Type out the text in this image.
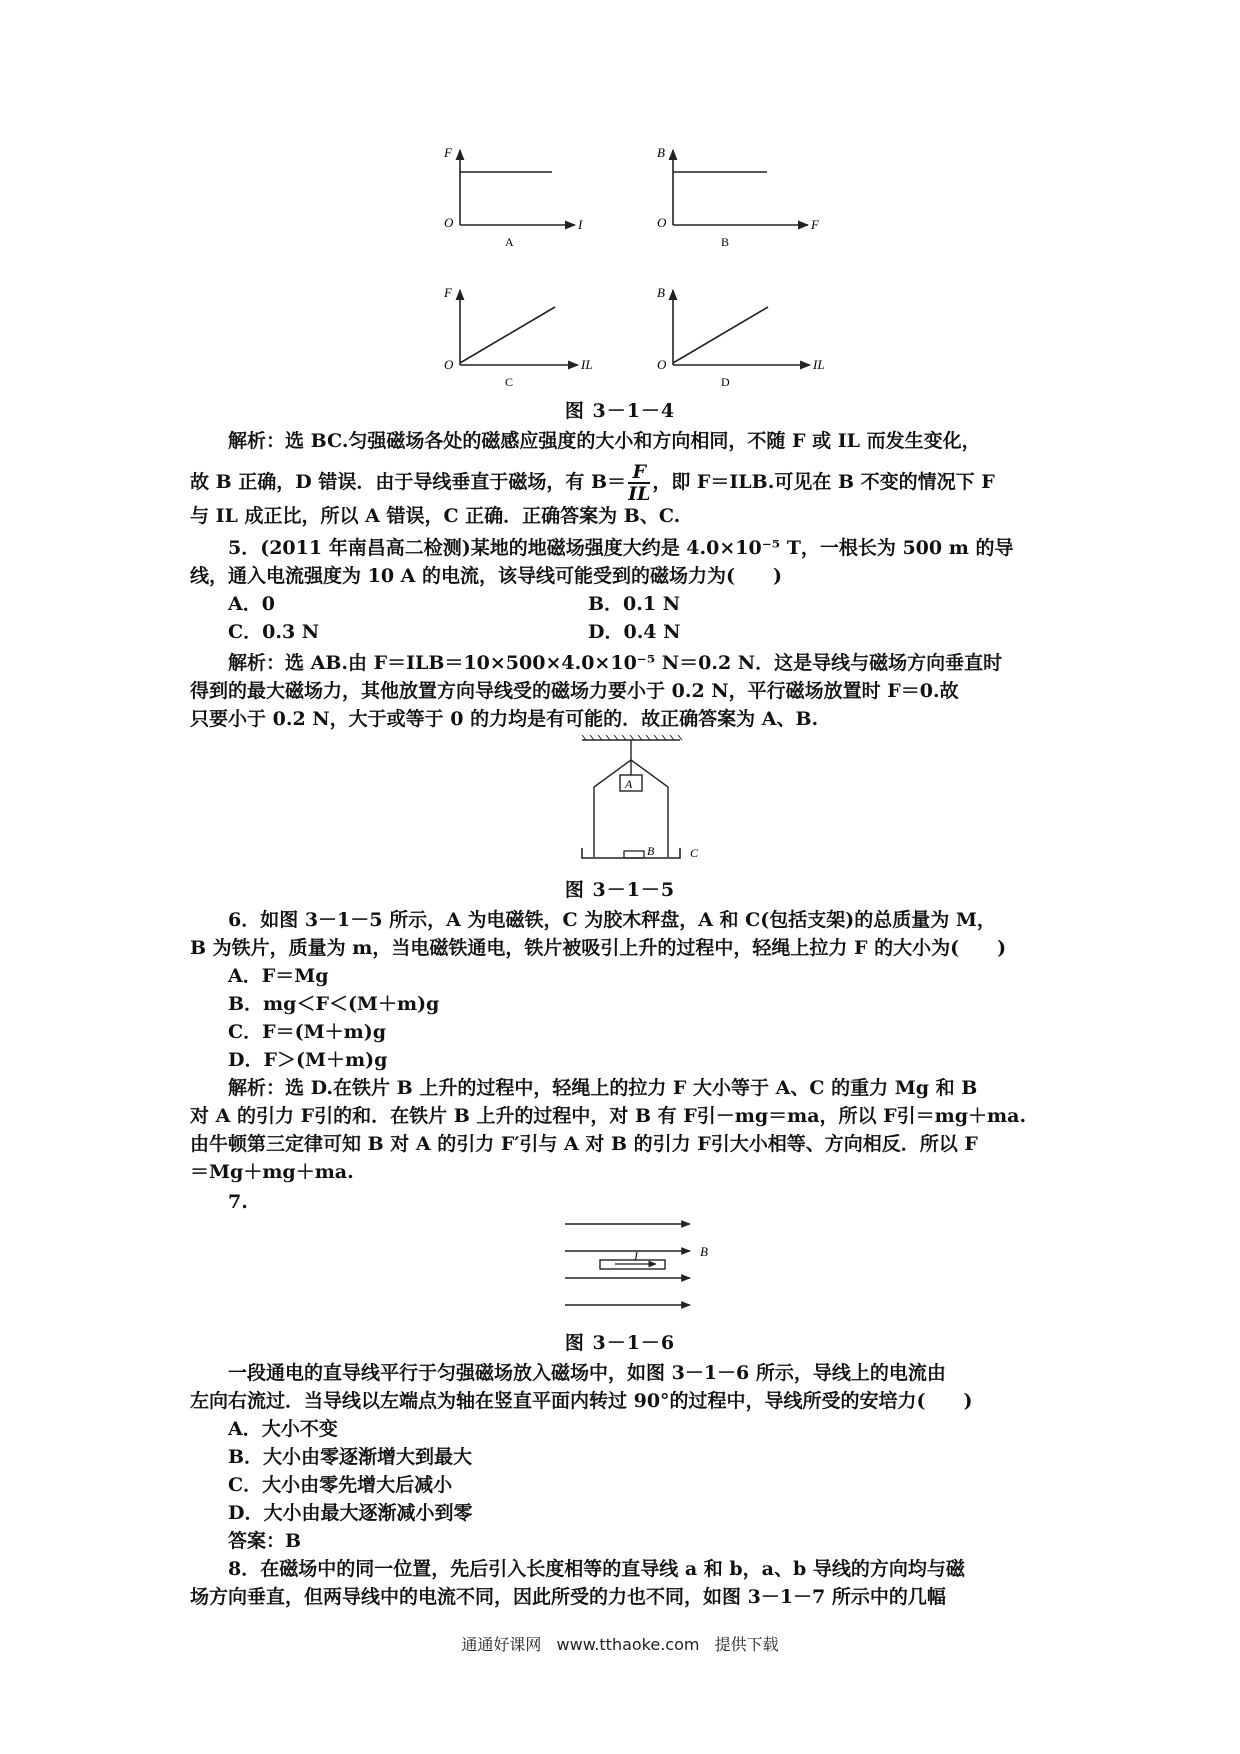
F
O	I
A
B
O	F
B
F
O	IL
C
B
O	IL
D
图 3－1－4
解析：选 BC.匀强磁场各处的磁感应强度的大小和方向相同，不随 F 或 IL 而发生变化，
故 B 正确，D 错误．由于导线垂直于磁场，有 $B= \frac{F}{IL}$ ，即 F＝ILB.可见在 B 不变的情况下 F
与 IL 成正比，所以 A 错误，C 正确．正确答案为 B、C.
5．(2011 年南昌高二检测)某地的地磁场强度大约是 4.0×10⁻⁵ T，一根长为 500 m 的导
线，通入电流强度为 10 A 的电流，该导线可能受到的磁场力为(　　)
A．0	B．0.1 N
C．0.3 N	D．0.4 N
解析：选 AB.由 F＝ILB＝10×500×4.0×10⁻⁵ N＝0.2 N．这是导线与磁场方向垂直时
得到的最大磁场力，其他放置方向导线受的磁场力要小于 0.2 N，平行磁场放置时 F＝0.故
只要小于 0.2 N，大于或等于 0 的力均是有可能的．故正确答案为 A、B.
A
B	C
图 3－1－5
6．如图 3－1－5 所示，A 为电磁铁，C 为胶木秤盘，A 和 C(包括支架)的总质量为 M，
B 为铁片，质量为 m，当电磁铁通电，铁片被吸引上升的过程中，轻绳上拉力 F 的大小为(　　)
A．F＝Mg
B．mg＜F＜(M＋m)g
C．F＝(M＋m)g
D．F＞(M＋m)g
解析：选 D.在铁片 B 上升的过程中，轻绳上的拉力 F 大小等于 A、C 的重力 Mg 和 B
对 A 的引力 F引的和．在铁片 B 上升的过程中，对 B 有 F引－mg＝ma，所以 F引＝mg＋ma.
由牛顿第三定律可知 B 对 A 的引力 F′引与 A 对 B 的引力 F引大小相等、方向相反．所以 F
＝Mg＋mg＋ma.
7.
I	B
图 3－1－6
一段通电的直导线平行于匀强磁场放入磁场中，如图 3－1－6 所示，导线上的电流由
左向右流过．当导线以左端点为轴在竖直平面内转过 90°的过程中，导线所受的安培力(　　)
A．大小不变
B．大小由零逐渐增大到最大
C．大小由零先增大后减小
D．大小由最大逐渐减小到零
答案：B
8．在磁场中的同一位置，先后引入长度相等的直导线 a 和 b，a、b 导线的方向均与磁
场方向垂直，但两导线中的电流不同，因此所受的力也不同，如图 3－1－7 所示中的几幅
通通好课网 www.tthaoke.com 提供下载
